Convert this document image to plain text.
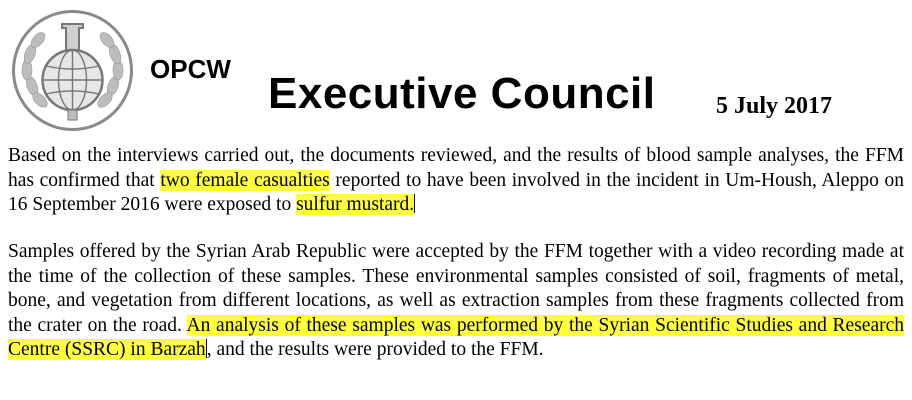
OPCW Executive Council	5 July 2017

Based on the interviews carried out, the documents reviewed, and the results of blood sample analyses, the FFM has confirmed that two female casualties reported to have been involved in the incident in Um-Housh, Aleppo on 16 September 2016 were exposed to sulfur mustard.

Samples offered by the Syrian Arab Republic were accepted by the FFM together with a video recording made at the time of the collection of these samples. These environmental samples consisted of soil, fragments of metal, bone, and vegetation from different locations, as well as extraction samples from these fragments collected from the crater on the road. An analysis of these samples was performed by the Syrian Scientific Studies and Research Centre (SSRC) in Barzah, and the results were provided to the FFM.
